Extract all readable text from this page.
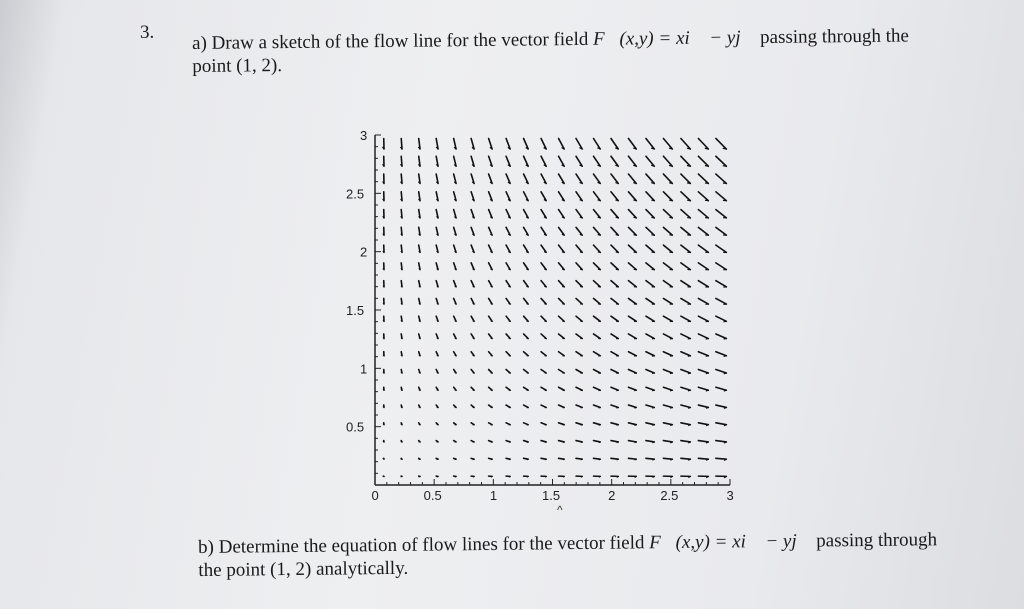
3. a) Draw a sketch of the flow line for the vector field F⃗(x,y) = xi⃗ − yj⃗ passing through the point (1, 2).
0	0.5	1	1.5	2	2.5	3
3
2.5
2
1.5
1
0.5
^
b) Determine the equation of flow lines for the vector field F⃗(x,y) = xi⃗ − yj⃗ passing through the point (1, 2) analytically.
